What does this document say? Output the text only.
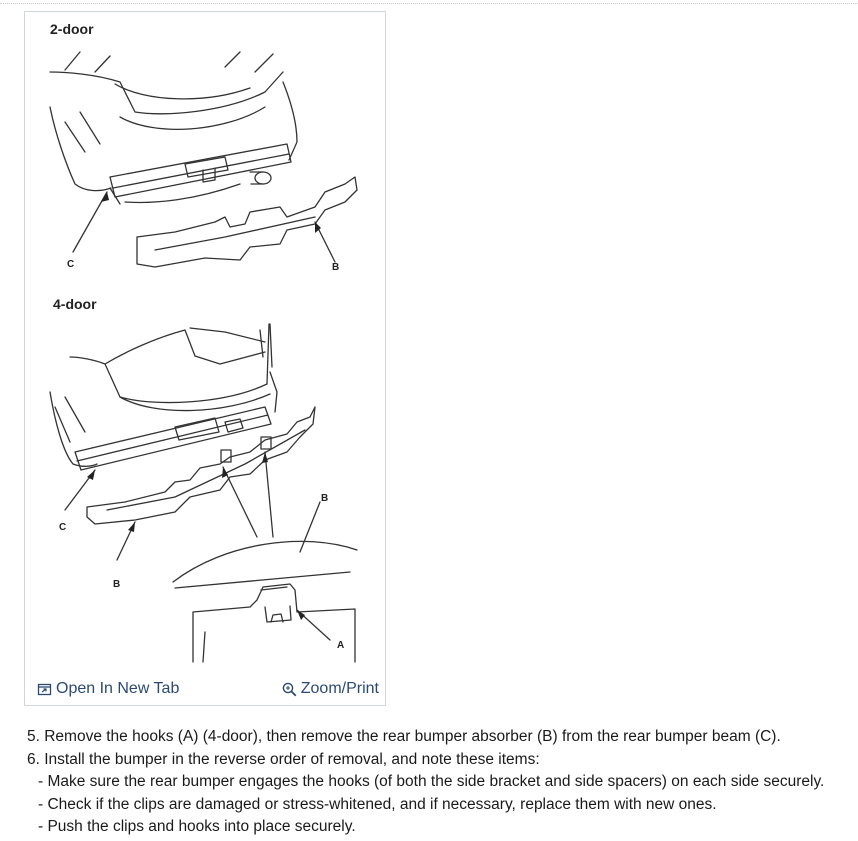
2-door
4-door
C	B
C
B
B
A
Open In New Tab	Zoom/Print

5. Remove the hooks (A) (4-door), then remove the rear bumper absorber (B) from the rear bumper beam (C).

6. Install the bumper in the reverse order of removal, and note these items:

- Make sure the rear bumper engages the hooks (of both the side bracket and side spacers) on each side securely.

- Check if the clips are damaged or stress-whitened, and if necessary, replace them with new ones.

- Push the clips and hooks into place securely.
